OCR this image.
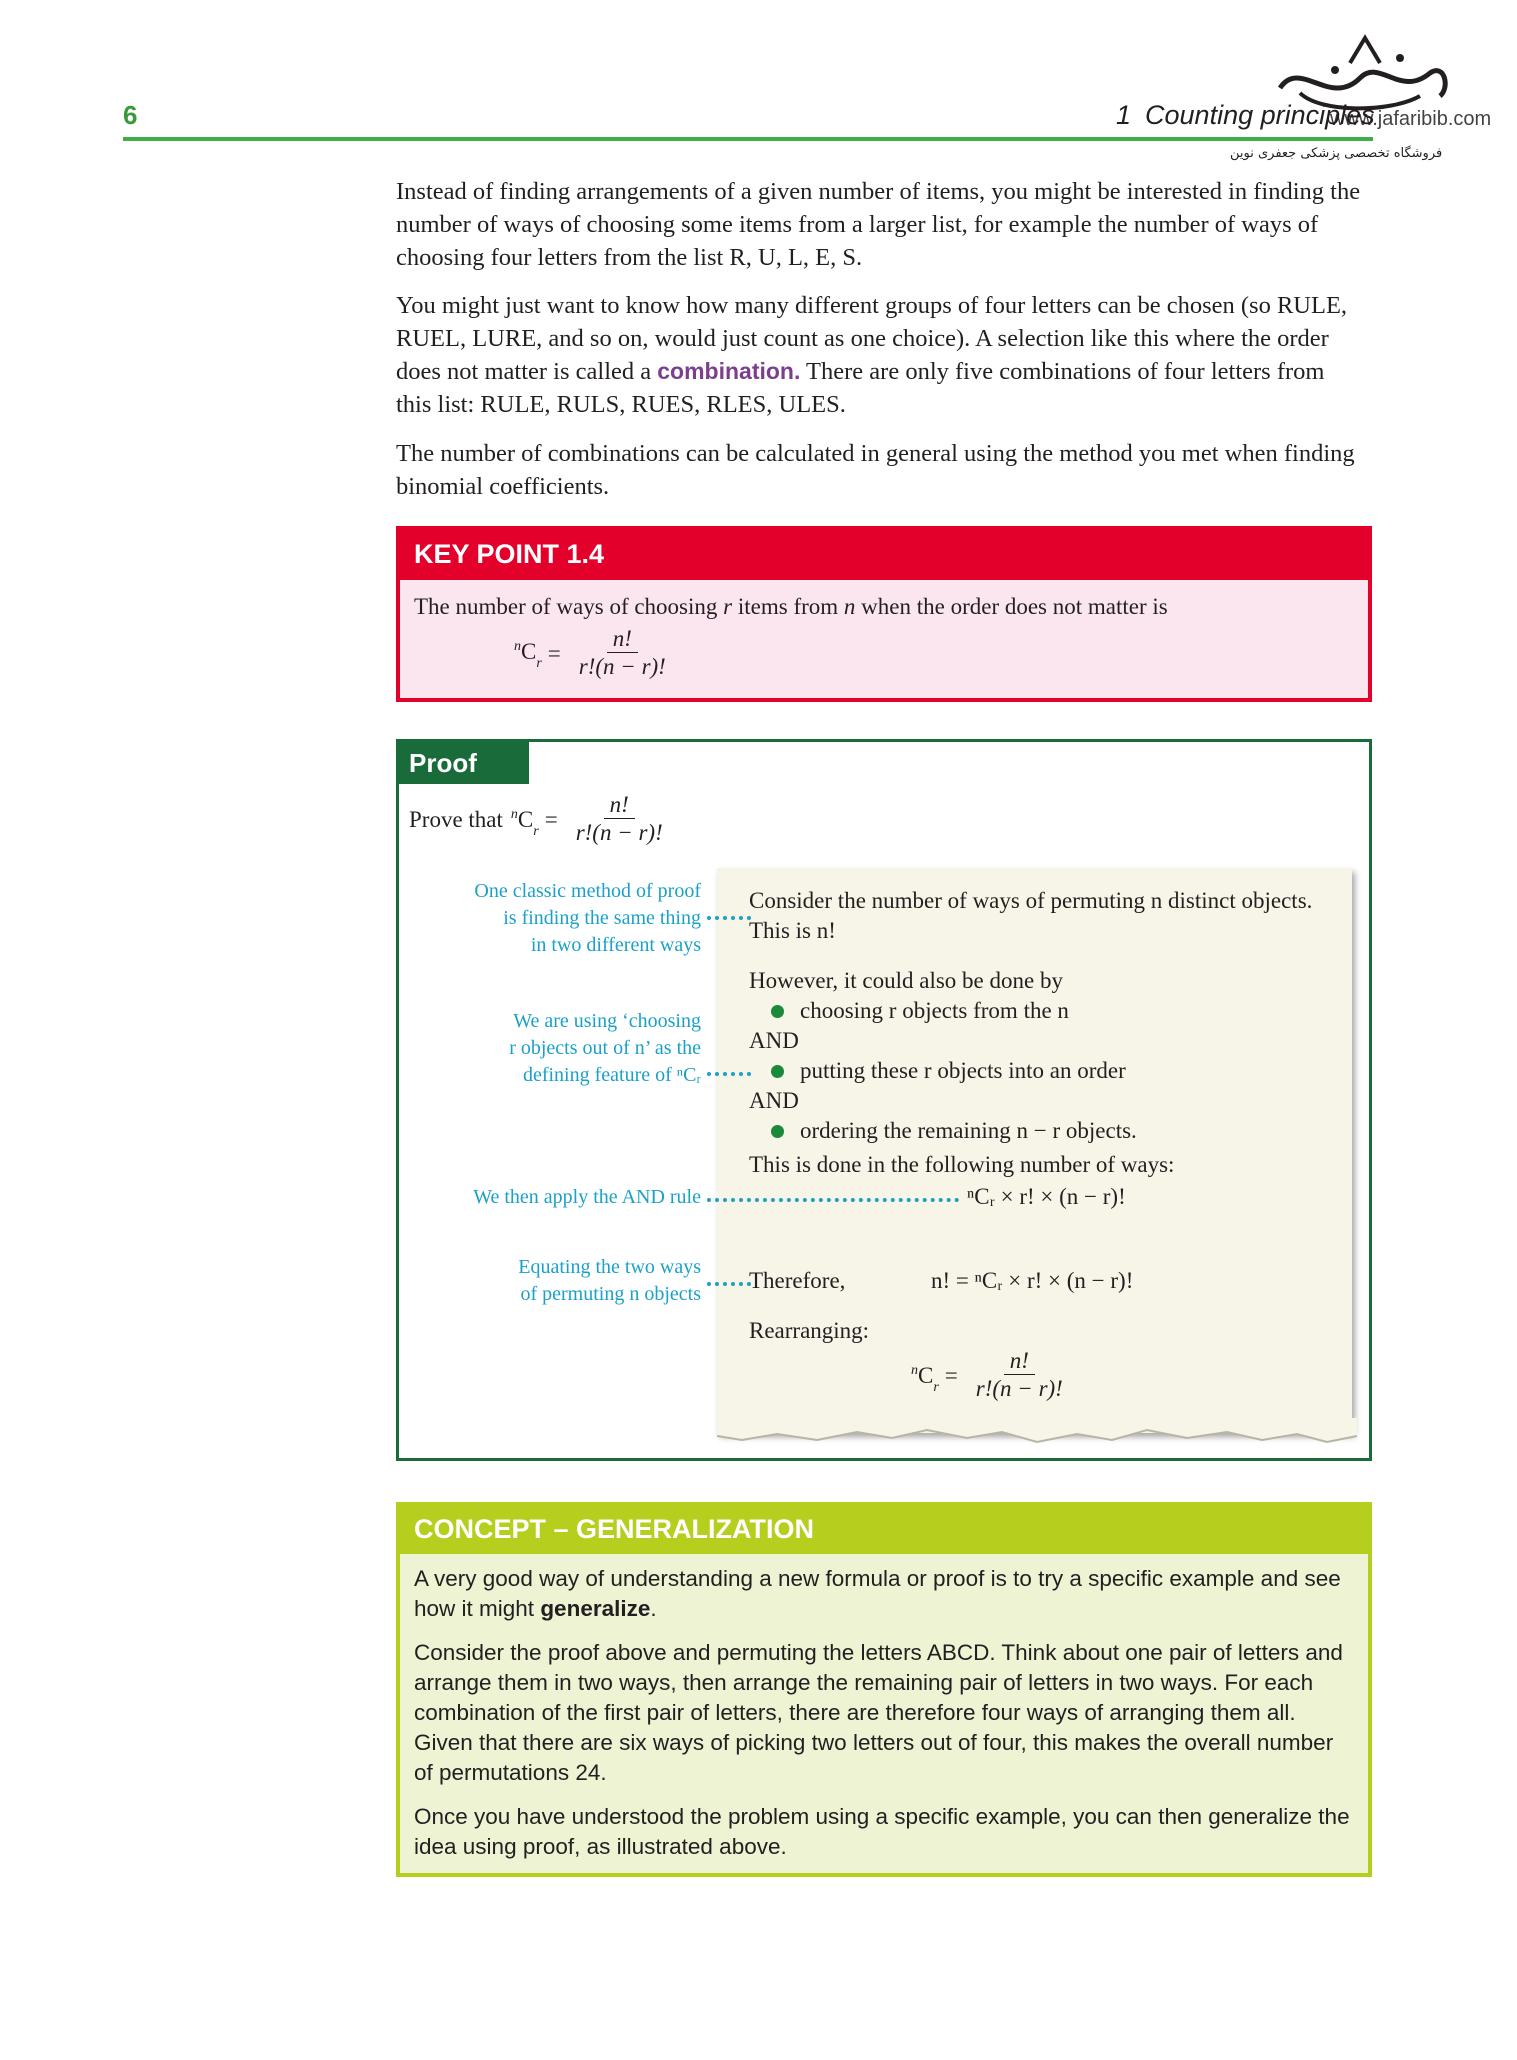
6	1 Counting principles
www.jafaribib.com
فروشگاه تخصصی پزشکی جعفری نوین

Instead of finding arrangements of a given number of items, you might be interested in finding the number of ways of choosing some items from a larger list, for example the number of ways of choosing four letters from the list R, U, L, E, S.

You might just want to know how many different groups of four letters can be chosen (so RULE, RUEL, LURE, and so on, would just count as one choice). A selection like this where the order does not matter is called a combination. There are only five combinations of four letters from this list: RULE, RULS, RUES, RLES, ULES.

The number of combinations can be calculated in general using the method you met when finding binomial coefficients.

KEY POINT 1.4
The number of ways of choosing r items from n when the order does not matter is
$^nC_r = \frac{n!}{r!(n - r)!}$
Proof 1.1
Prove that $^nC_r = \frac{n!}{r!(n - r)!}$
One classic method of proof
is finding the same thing
in two different ways
We are using ‘choosing
r objects out of n’ as the
defining feature of ⁿCᵣ
We then apply the AND rule
Equating the two ways
of permuting n objects
Consider the number of ways of permuting n distinct objects.
This is n!
However, it could also be done by
choosing r objects from the n
AND
putting these r objects into an order
AND
ordering the remaining n − r objects.
This is done in the following number of ways:
ⁿCᵣ × r! × (n − r)!
Therefore,	n! = ⁿCᵣ × r! × (n − r)!
Rearranging:
$^nC_r = \frac{n!}{r!(n - r)!}$
CONCEPT – GENERALIZATION

A very good way of understanding a new formula or proof is to try a specific example and see how it might generalize.

Consider the proof above and permuting the letters ABCD. Think about one pair of letters and arrange them in two ways, then arrange the remaining pair of letters in two ways. For each combination of the first pair of letters, there are therefore four ways of arranging them all. Given that there are six ways of picking two letters out of four, this makes the overall number of permutations 24.

Once you have understood the problem using a specific example, you can then generalize the idea using proof, as illustrated above.
